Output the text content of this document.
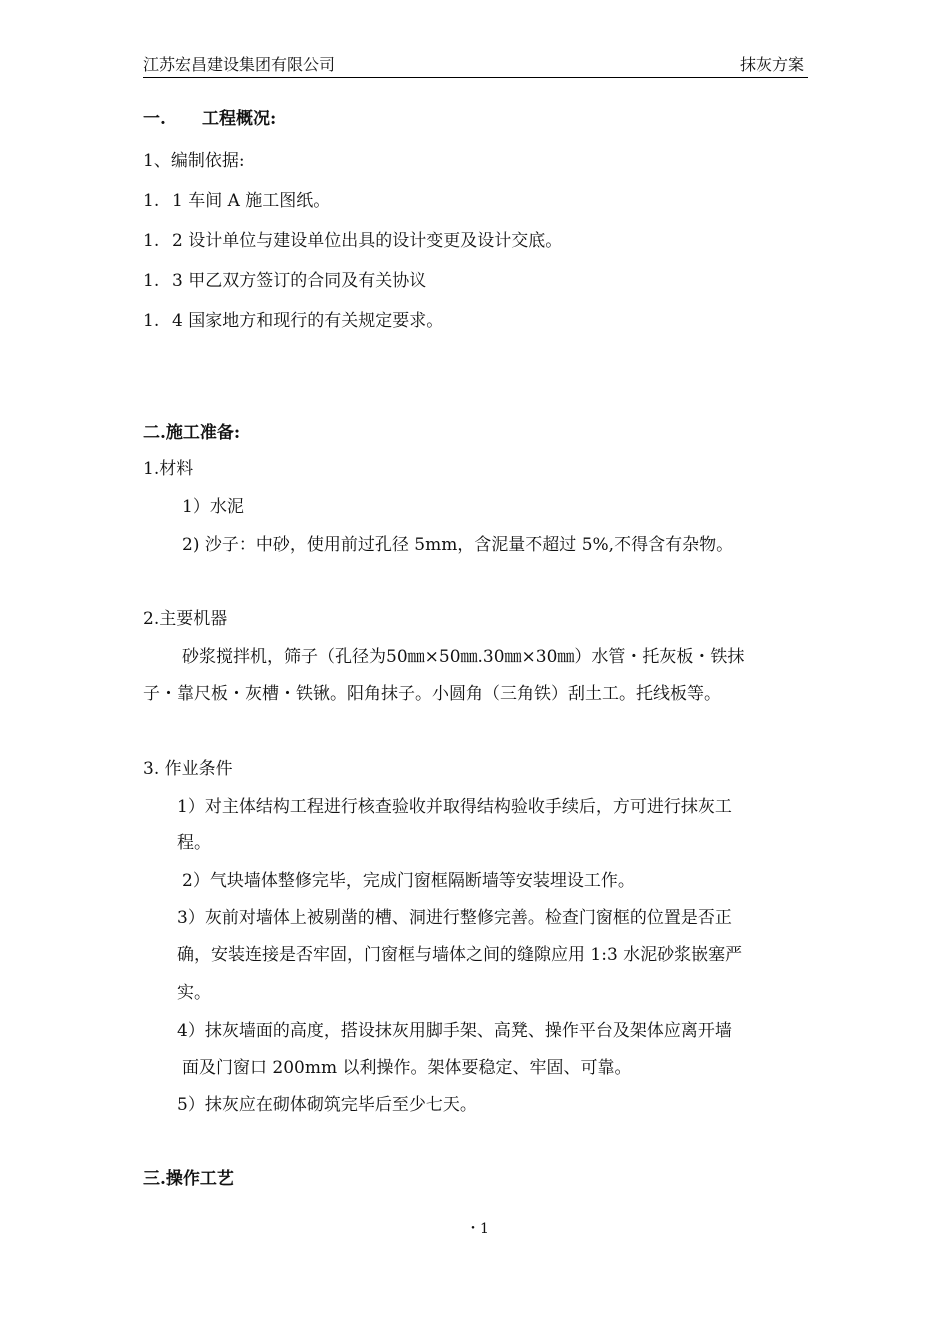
江苏宏昌建设集团有限公司	抹灰方案
一. 工程概况:
1、编制依据:
1. 1 车间 A 施工图纸。
1. 2 设计单位与建设单位出具的设计变更及设计交底。
1. 3 甲乙双方签订的合同及有关协议
1. 4 国家地方和现行的有关规定要求。
二.施工准备:
1.材料
1）水泥
2) 沙子：中砂，使用前过孔径 5mm，含泥量不超过 5%,不得含有杂物。
2.主要机器
砂浆搅拌机，筛子（孔径为50㎜×50㎜.30㎜×30㎜）水管・托灰板・铁抹
子・靠尺板・灰槽・铁锹。阳角抹子。小圆角（三角铁）刮土工。托线板等。
3. 作业条件
1）对主体结构工程进行核查验收并取得结构验收手续后，方可进行抹灰工
程。
2）气块墙体整修完毕，完成门窗框隔断墙等安装埋设工作。
3）灰前对墙体上被剔凿的槽、洞进行整修完善。检查门窗框的位置是否正
确，安装连接是否牢固，门窗框与墙体之间的缝隙应用 1:3 水泥砂浆嵌塞严
实。
4）抹灰墙面的高度，搭设抹灰用脚手架、高凳、操作平台及架体应离开墙
面及门窗口 200mm 以利操作。架体要稳定、牢固、可靠。
5）抹灰应在砌体砌筑完毕后至少七天。
三.操作工艺
・1
